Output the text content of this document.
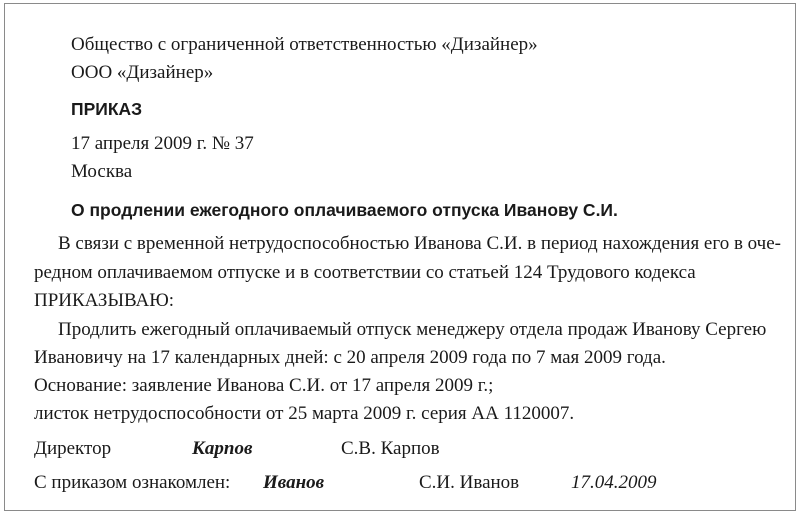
Общество с ограниченной ответственностью «Дизайнер»
ООО «Дизайнер»
ПРИКАЗ
17 апреля 2009 г. № 37
Москва
О продлении ежегодного оплачиваемого отпуска Иванову С.И.
В связи с временной нетрудоспособностью Иванова С.И. в период нахождения его в оче-
редном оплачиваемом отпуске и в соответствии со статьей 124 Трудового кодекса
ПРИКАЗЫВАЮ:
Продлить ежегодный оплачиваемый отпуск менеджеру отдела продаж Иванову Сергею
Ивановичу на 17 календарных дней: с 20 апреля 2009 года по 7 мая 2009 года.
Основание: заявление Иванова С.И. от 17 апреля 2009 г.;
листок нетрудоспособности от 25 марта 2009 г. серия АА 1120007.
Директор	Карпов	С.В. Карпов
С приказом ознакомлен: Иванов	С.И. Иванов	17.04.2009
